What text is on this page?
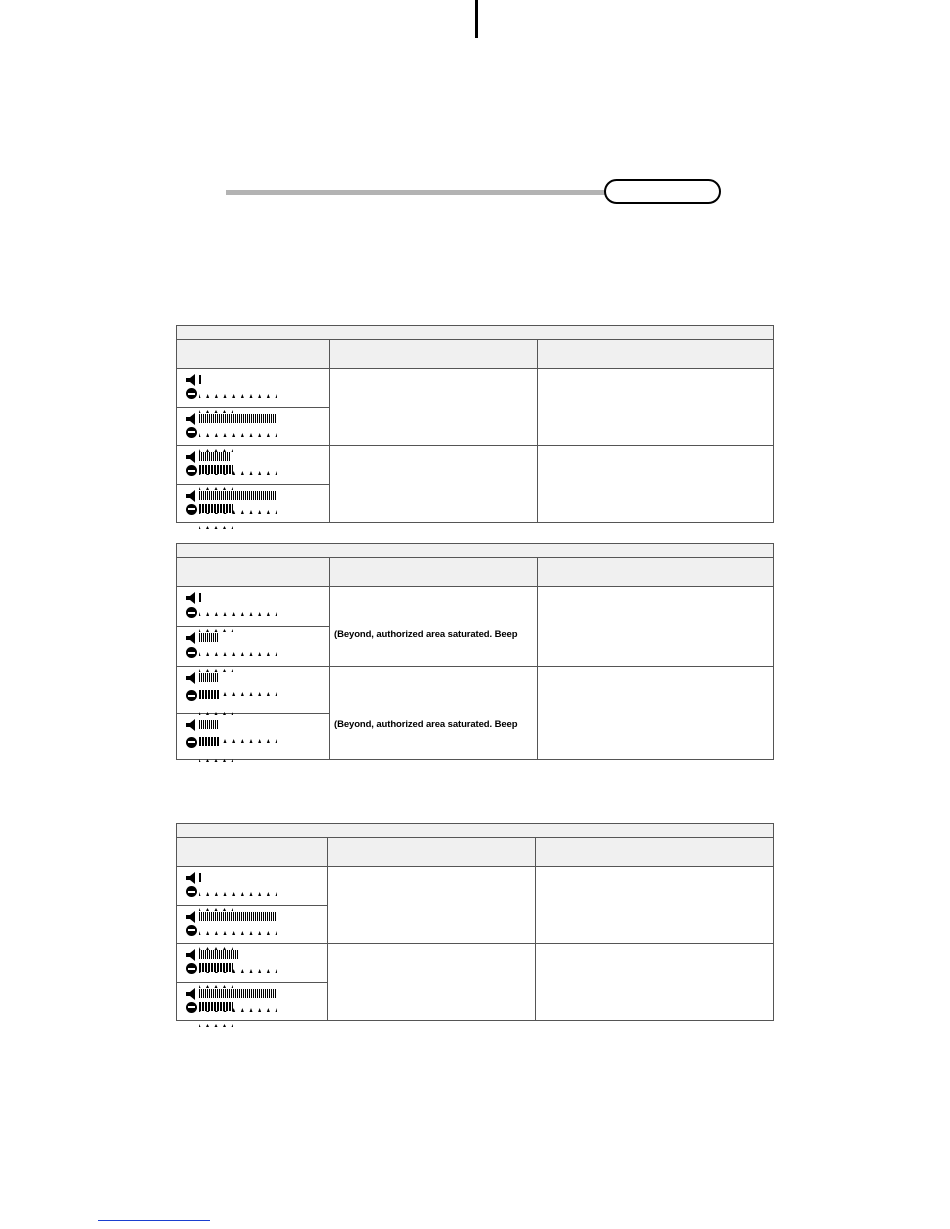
(Beyond, authorized area saturated. Beep
(Beyond, authorized area saturated. Beep
